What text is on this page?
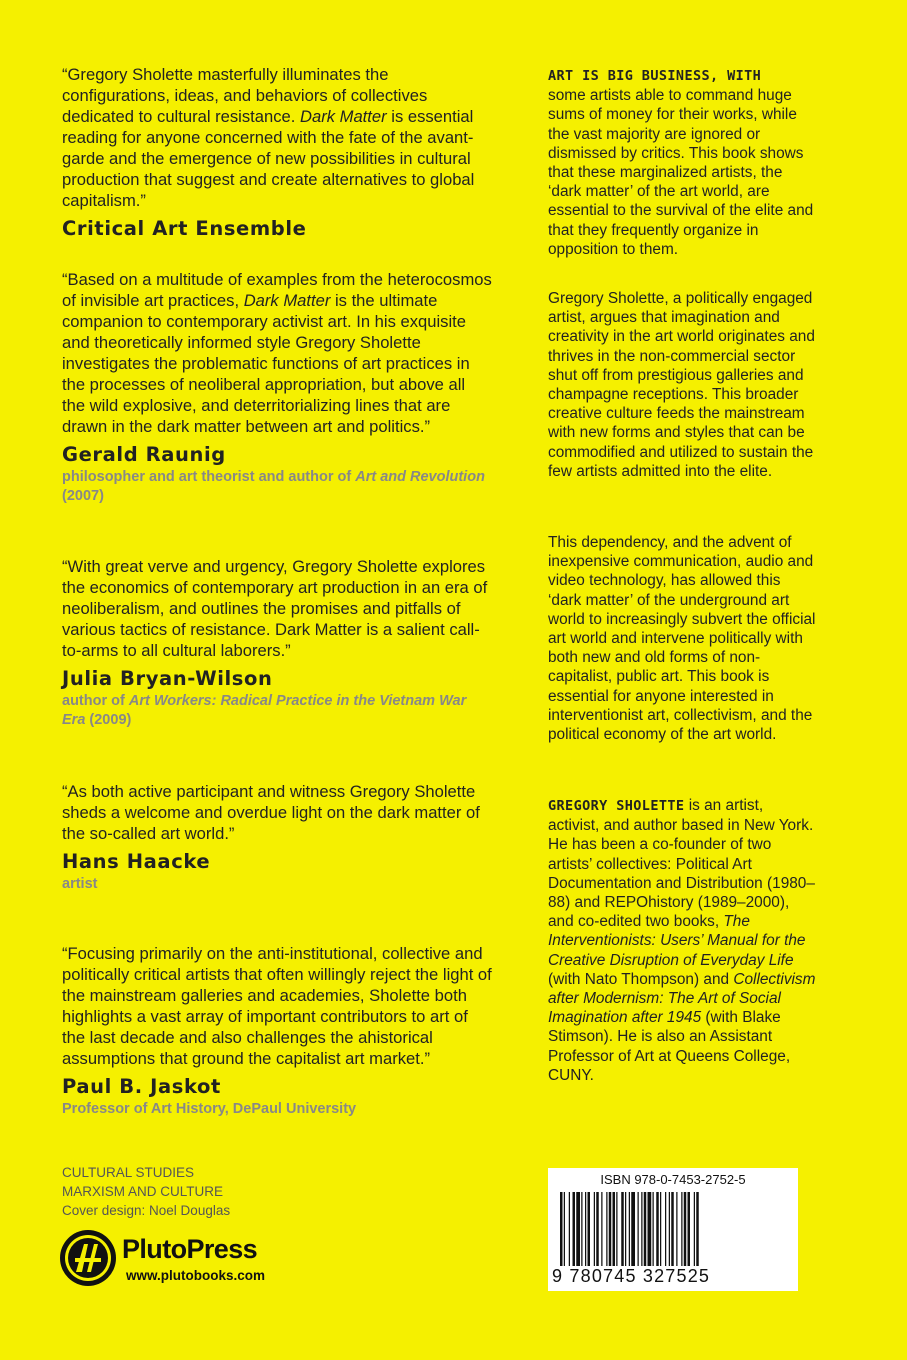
“Gregory Sholette masterfully illuminates the configurations, ideas, and behaviors of collectives dedicated to cultural resistance. Dark Matter is essential reading for anyone concerned with the fate of the avant-garde and the emergence of new possibilities in cultural production that suggest and create alternatives to global capitalism.”

Critical Art Ensemble

“Based on a multitude of examples from the heterocosmos of invisible art practices, Dark Matter is the ultimate companion to contemporary activist art. In his exquisite and theoretically informed style Gregory Sholette investigates the problematic functions of art practices in the processes of neoliberal appropriation, but above all the wild explosive, and deterritorializing lines that are drawn in the dark matter between art and politics.”

Gerald Raunig
philosopher and art theorist and author of Art and Revolution (2007)

“With great verve and urgency, Gregory Sholette explores the economics of contemporary art production in an era of neoliberalism, and outlines the promises and pitfalls of various tactics of resistance. Dark Matter is a salient call-to-arms to all cultural laborers.”

Julia Bryan-Wilson
author of Art Workers: Radical Practice in the Vietnam War Era (2009)

“As both active participant and witness Gregory Sholette sheds a welcome and overdue light on the dark matter of the so-called art world.”

Hans Haacke
artist

“Focusing primarily on the anti-institutional, collective and politically critical artists that often willingly reject the light of the mainstream galleries and academies, Sholette both highlights a vast array of important contributors to art of the last decade and also challenges the ahistorical assumptions that ground the capitalist art market.”

Paul B. Jaskot
Professor of Art History, DePaul University

ART IS BIG BUSINESS, WITH
some artists able to command huge sums of money for their works, while the vast majority are ignored or dismissed by critics. This book shows that these marginalized artists, the ‘dark matter’ of the art world, are essential to the survival of the elite and that they frequently organize in opposition to them.

Gregory Sholette, a politically engaged artist, argues that imagination and creativity in the art world originates and thrives in the non-commercial sector shut off from prestigious galleries and champagne receptions. This broader creative culture feeds the mainstream with new forms and styles that can be commodified and utilized to sustain the few artists admitted into the elite.

This dependency, and the advent of inexpensive communication, audio and video technology, has allowed this ‘dark matter’ of the underground art world to increasingly subvert the official art world and intervene politically with both new and old forms of non-capitalist, public art. This book is essential for anyone interested in interventionist art, collectivism, and the political economy of the art world.

GREGORY SHOLETTE is an artist, activist, and author based in New York. He has been a co-founder of two artists’ collectives: Political Art Documentation and Distribution (1980–88) and REPOhistory (1989–2000), and co-edited two books, The Interventionists: Users’ Manual for the Creative Disruption of Everyday Life (with Nato Thompson) and Collectivism after Modernism: The Art of Social Imagination after 1945 (with Blake Stimson). He is also an Assistant Professor of Art at Queens College, CUNY.

CULTURAL STUDIES
MARXISM AND CULTURE
Cover design: Noel Douglas
PlutoPress
www.plutobooks.com
ISBN 978-0-7453-2752-5
9 780745 327525
